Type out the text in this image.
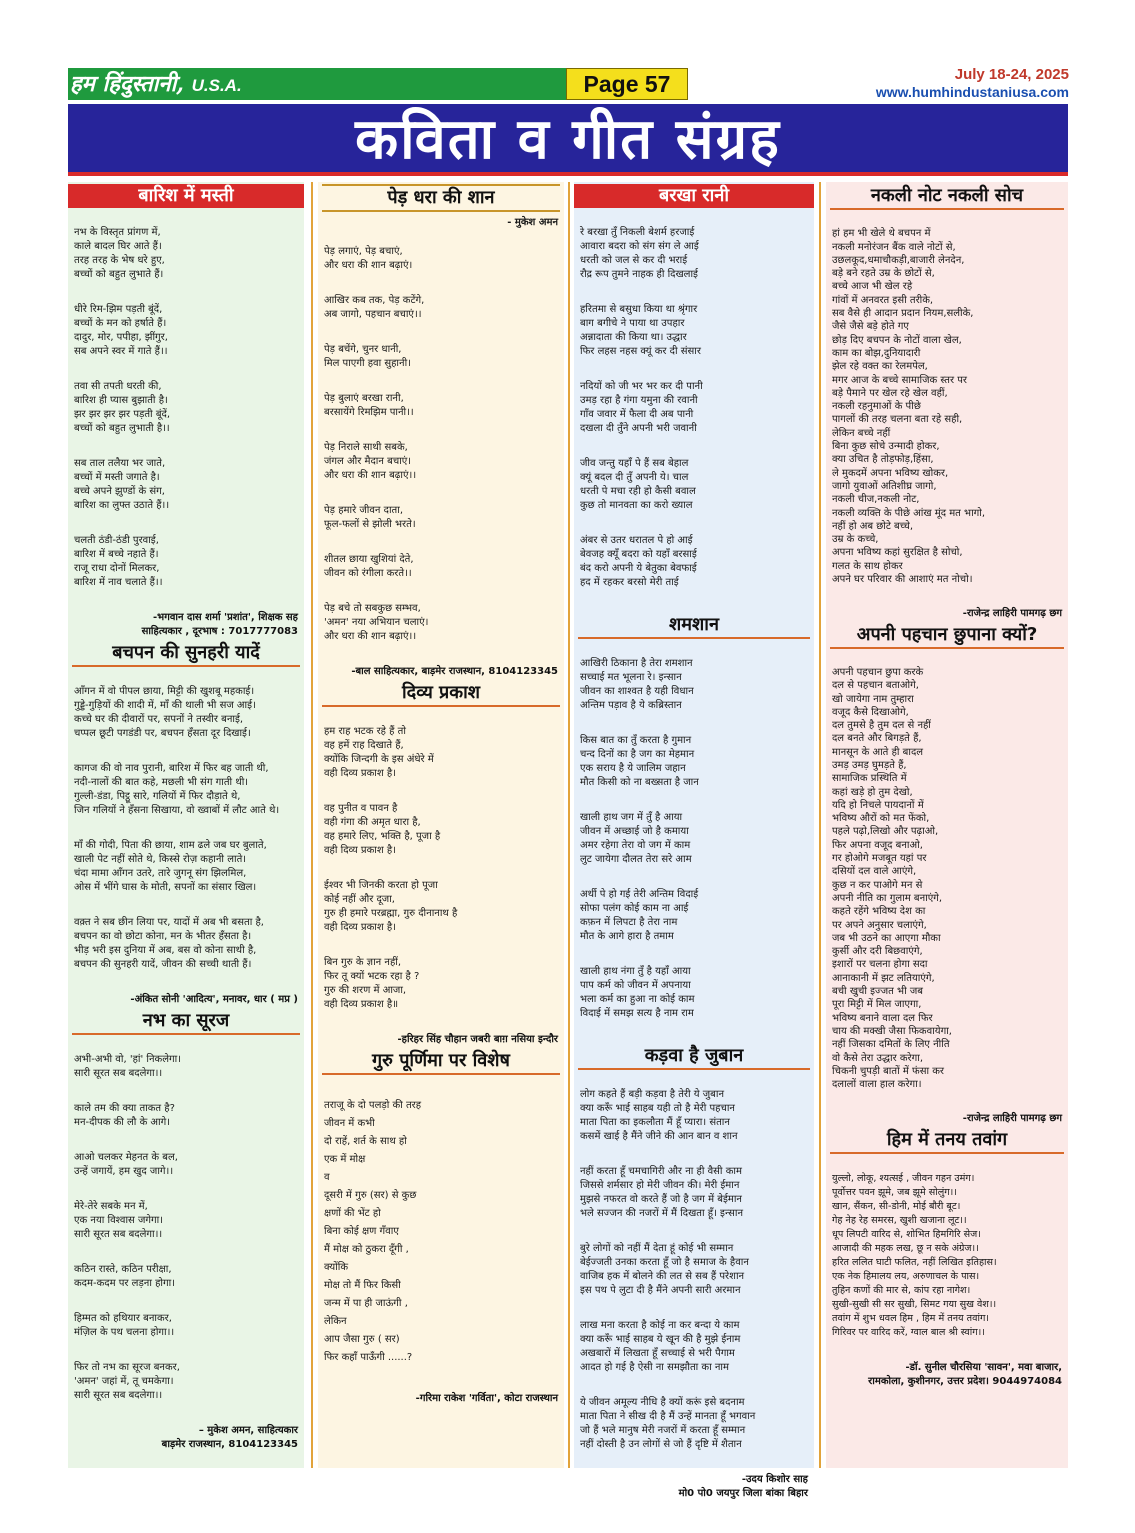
हम हिंदुस्तानी, U.S.A.	Page 57	July 18-24, 2025
www.humhindustaniusa.com
कविता व गीत संग्रह
बारिश में मस्ती

नभ के विस्तृत प्रांगण में,
काले बादल घिर आते हैं।
तरह तरह के भेष धरे हुए,
बच्चों को बहुत लुभाते हैं।

धीरे रिम-झिम पड़ती बूंदें,
बच्चों के मन को हर्षाते हैं।
दादुर, मोर, पपीहा, झींगुर,
सब अपने स्वर में गाते हैं।।

तवा सी तपती धरती की,
बारिश ही प्यास बुझाती है।
झर झर झर झर पड़ती बूंदें,
बच्चों को बहुत लुभाती है।।

सब ताल तलैया भर जाते,
बच्चों में मस्ती जगाते है।
बच्चे अपने झुण्डों के संग,
बारिश का लुफ्त उठाते हैं।।

चलती ठंडी-ठंडी पुरवाई,
बारिश में बच्चे नहाते हैं।
राजू राधा दोनों मिलकर,
बारिश में नाव चलाते हैं।।

-भगवान दास शर्मा 'प्रशांत', शिक्षक सह
साहित्यकार , दूरभाष : 7017777083
बचपन की सुनहरी यादें

आँगन में वो पीपल छाया, मिट्टी की खुशबू महकाई।
गुड्डे-गुड़ियों की शादी में, माँ की थाली भी सज आई।
कच्चे घर की दीवारों पर, सपनों ने तस्वीर बनाई,
चप्पल छूटी पगडंडी पर, बचपन हँसता दूर दिखाई।

कागज की वो नाव पुरानी, बारिश में फिर बह जाती थी,
नदी-नालों की बात कहे, मछली भी संग गाती थी।
गुल्ली-डंडा, पिट्ठू सारे, गलियों में फिर दौड़ाते थे,
जिन गलियों ने हँसना सिखाया, वो ख्वाबों में लौट आते थे।

माँ की गोदी, पिता की छाया, शाम ढले जब घर बुलाते,
खाली पेट नहीं सोते थे, किस्से रोज़ कहानी लाते।
चंदा मामा आँगन उतरे, तारे जुगनू संग झिलमिल,
ओस में भींगे घास के मोती, सपनों का संसार खिल।

वक़्त ने सब छीन लिया पर, यादों में अब भी बसता है,
बचपन का वो छोटा कोना, मन के भीतर हँसता है।
भीड़ भरी इस दुनिया में अब, बस वो कोना साथी है,
बचपन की सुनहरी यादें, जीवन की सच्ची थाती हैं।

-अंकित सोनी 'आदित्य', मनावर, धार ( मप्र )
नभ का सूरज

अभी-अभी वो, 'हां' निकलेगा।
सारी सूरत सब बदलेगा।।

काले तम की क्या ताकत है?
मन-दीपक की लौ के आगे।

आओ चलकर मेहनत के बल,
उन्हें जगायें, हम खुद जागे।।

मेरे-तेरे सबके मन में,
एक नया विश्वास जगेगा।
सारी सूरत सब बदलेगा।।

कठिन रास्ते, कठिन परीक्षा,
कदम-कदम पर लड़ना होगा।

हिम्मत को हथियार बनाकर,
मंज़िल के पथ चलना होगा।।

फिर तो नभ का सूरज बनकर,
'अमन' जहां में, तू चमकेगा।
सारी सूरत सब बदलेगा।।

– मुकेश अमन, साहित्यकार
बाड़मेर राजस्थान, 8104123345
पेड़ धरा की शान
- मुकेश अमन

पेड़ लगाएं, पेड़ बचाएं,
और धरा की शान बढ़ाएं।

आखिर कब तक, पेड़ कटेंगे,
अब जागो, पहचान बचाएं।।

पेड़ बचेंगे, चुनर धानी,
मिल पाएगी हवा सुहानी।

पेड़ बुलाएं बरखा रानी,
बरसायेंगे रिमझिम पानी।।

पेड़ निराले साथी सबके,
जंगल और मैदान बचाएं।
और धरा की शान बढ़ाएं।।

पेड़ हमारे जीवन दाता,
फूल-फलों से झोली भरते।

शीतल छाया खुशियां देते,
जीवन को रंगीला करते।।

पेड़ बचे तो सबकुछ सम्भव,
'अमन' नया अभियान चलाएं।
और धरा की शान बढ़ाएं।।

-बाल साहित्यकार, बाड़मेर राजस्थान, 8104123345
दिव्य प्रकाश

हम राह भटक रहे हैं तो
वह हमें राह दिखाते हैं,
क्योंकि जिन्दगी के इस अंधेरे में
वही दिव्य प्रकाश है।

वह पुनीत व पावन है
वही गंगा की अमृत धारा है,
वह हमारे लिए, भक्ति है, पूजा है
वही दिव्य प्रकाश है।

ईश्वर भी जिनकी करता हो पूजा
कोई नहीं और दूजा,
गुरु ही हमारे परब्रह्मा, गुरु दीनानाथ है
वही दिव्य प्रकाश है।

बिन गुरु के ज्ञान नहीं,
फिर तू क्यों भटक रहा है ?
गुरु की शरण में आजा,
वही दिव्य प्रकाश है॥

-हरिहर सिंह चौहान जबरी बाग़ नसिया इन्दौर
गुरु पूर्णिमा पर विशेष

तराजू के दो पलड़ो की तरह
जीवन में कभी
दो राहें, शर्त के साथ हो
एक में मोक्ष
व
दूसरी में गुरु (सर) से कुछ
क्षणों की भेंट हो
बिना कोई क्षण गँवाए
मैं मोक्ष को ठुकरा दूँगी ,
क्योंकि
मोक्ष तो मैं फिर किसी
जन्म में पा ही जाऊंगी ,
लेकिन
आप जैसा गुरु ( सर)
फिर कहाँ पाऊँगी ......?

-गरिमा राकेश 'गर्विता', कोटा राजस्थान
बरखा रानी

रे बरखा तुँ निकली बेशर्म हरजाई
आवारा बदरा को संग संग ले आई
धरती को जल से कर दी भराई
रौद्र रूप तुमने नाहक ही दिखलाई

हरितमा से बसुधा किया था श्रृंगार
बाग बगीचे ने पाया था उपहार
अन्नादाता की किया था। उद्धार
फिर लहस नहस क्यूं कर दी संसार

नदियों को जी भर भर कर दी पानी
उमड़ रहा है गंगा यमुना की रवानी
गाँव जवार में फैला दी अब पानी
दखला दी तुँने अपनी भरी जवानी

जीव जन्तु यहाँ पे हैं सब बेहाल
क्यूं बदल दी तुँ अपनी ये। चाल
धरती पे मचा रही हो कैसी बवाल
कुछ तो मानवता का करो ख्याल

अंबर से उतर धरातल पे हो आई
बेवजह क्यूँ बदरा को यहाँ बरसाई
बंद करो अपनी ये बेतुका बेवफाई
हद में रहकर बरसो मेरी ताई

शमशान

आखिरी ठिकाना है तेरा शमशान
सच्चाई मत भूलना रे। इन्सान
जीवन का शाश्वत है यही विधान
अन्तिम पड़ाव है ये कब्रिस्तान

किस बात का तुँ करता है गुमान
चन्द दिनों का है जग का मेहमान
एक सराय है ये जालिम जहान
मौत किसी को ना बख्सता है जान

खाली हाथ जग में तुँ है आया
जीवन में अच्छाई जो है कमाया
अमर रहेगा तेरा वो जग में काम
लुट जायेगा दौलत तेरा सरे आम

अर्थी पे हो गई तेरी अन्तिम विदाई
सोफा पलंग कोई काम ना आई
कफ़न में लिपटा है तेरा नाम
मौत के आगे हारा है तमाम

खाली हाथ नंगा तुँ है यहाँ आया
पाप कर्म को जीवन में अपनाया
भला कर्म का हुआ ना कोई काम
विदाई में समझ सत्य है नाम राम

कड़वा है जुबान

लोग कहते हैं बड़ी कड़वा है तेरी ये जुबान
क्या करूँ भाई साहब यही तो है मेरी पहचान
माता पिता का इकलौता मैं हूँ प्यारा। संतान
कसमें खाई है मैंने जीने की आन बान व शान

नहीं करता हूँ चमचागिरी और ना ही वैसी काम
जिससे शर्मसार हो मेरी जीवन की। मेरी ईमान
मुझसे नफरत वो करते हैं जो है जग में बेईमान
भले सज्जन की नजरों में मैं दिखता हूँ। इन्सान

बुरे लोगों को नहीं मैं देता हूं कोई भी सम्मान
बेईज्जती उनका करता हूँ जो है समाज के हैवान
वाजिब हक में बोलने की लत से सब हैं परेशान
इस पथ पे लुटा दी है मैंने अपनी सारी अरमान

लाख मना करता है कोई ना कर बन्दा ये काम
क्या करूँ भाई साहब ये खून की है मुझे ईनाम
अखबारों में लिखता हूँ सच्चाई से भरी पैगाम
आदत हो गई है ऐसी ना समझौता का नाम

ये जीवन अमूल्य नीधि है क्यों करूं इसे बदनाम
माता पिता ने सीख दी है मैं उन्हें मानता हूँ भगवान
जो हैं भले मानुष मेरी नजरों में करता हूँ सम्मान
नहीं दोस्ती है उन लोगों से जो हैं दृष्टि में शैतान

-उदय किशोर साह
मो0 पो0 जयपुर जिला बांका बिहार
नकली नोट नकली सोच

हां हम भी खेले थे बचपन में
नकली मनोरंजन बैंक वाले नोटों से,
उछलकूद,धमाचौकड़ी,बाजारी लेनदेन,
बड़े बने रहते उम्र के छोटों से,
बच्चे आज भी खेल रहे
गांवों में अनवरत इसी तरीके,
सब वैसे ही आदान प्रदान नियम,सलीके,
जैसे जैसे बड़े होते गए
छोड़ दिए बचपन के नोटों वाला खेल,
काम का बोझ,दुनियादारी
झेल रहे वक्त का रेलमपेल,
मगर आज के बच्चे सामाजिक स्तर पर
बड़े पैमाने पर खेल रहे खेल वहीं,
नकली रहनुमाओं के पीछे
पागलों की तरह चलना बता रहे सही,
लेकिन बच्चे नहीं
बिना कुछ सोचे उन्मादी होकर,
क्या उचित है तोड़फोड़,हिंसा,
ले मुकदमें अपना भविष्य खोकर,
जागो युवाओं अतिशीघ्र जागो,
नकली चीज,नकली नोट,
नकली व्यक्ति के पीछे आंख मूंद मत भागो,
नहीं हो अब छोटे बच्चे,
उम्र के कच्चे,
अपना भविष्य कहां सुरक्षित है सोचो,
गलत के साथ होकर
अपने घर परिवार की आशाएं मत नोचो।

-राजेन्द्र लाहिरी पामगढ़ छग
अपनी पहचान छुपाना क्यों?

अपनी पहचान छुपा करके
दल से पहचान बताओगे,
खो जायेगा नाम तुम्हारा
वजूद कैसे दिखाओगे,
दल तुमसे है तुम दल से नहीं
दल बनते और बिगड़ते हैं,
मानसून के आते ही बादल
उमड़ उमड़ घुमड़ते हैं,
सामाजिक प्रस्थिति में
कहां खड़े हो तुम देखो,
यदि हो निचले पायदानों में
भविष्य औरों को मत फेंको,
पहले पढ़ो,लिखो और पढ़ाओ,
फिर अपना वजूद बनाओ,
गर होओगे मजबूत यहां पर
दसियों दल वाले आएंगे,
कुछ न कर पाओगे मन से
अपनी नीति का गुलाम बनाएंगे,
कहते रहेंगे भविष्य देश का
पर अपने अनुसार चलाएंगे,
जब भी उठने का आएगा मौका
कुर्सी और दरी बिछवाएंगे,
इशारों पर चलना होगा सदा
आनाकानी में झट लतियाएंगे,
बची खुची इज्जत भी जब
पूरा मिट्टी में मिल जाएगा,
भविष्य बनाने वाला दल फिर
चाय की मक्खी जैसा फिकवायेगा,
नहीं जिसका दमितों के लिए नीति
वो कैसे तेरा उद्धार करेगा,
चिकनी चुपड़ी बातों में फंसा कर
दलालों वाला हाल करेगा।

-राजेन्द्र लाहिरी पामगढ़ छग
हिम में तनय तवांग

युल्लो, लोकू, श्यत्सई , जीवन गहन उमंग।
पूर्वोत्तर पवन झूमे, जब झूमे सोलुंग।।
खान, सैंकन, सी-डोनी, मोई बौरी बूट।
गेह नेह रेह समरस, खुशी खजाना लूट।।
धूप लिपटी वारिद से, शोभित हिमगिरि सेज।
आजादी की महक लख, छू न सके अंग्रेज।।
हरित ललित घाटी फलित, नहीं लिखित इतिहास।
एक नेक हिमालय लय, अरुणाचल के पास।
तुहिन कणों की मार से, कांप रहा नागेश।
सुखी-सुखी सी सर सुखी, सिमट गया सुख वेश।।
तवांग में शुभ धवल हिम , हिम में तनय तवांग।
गिरिवर पर वारिद करें, ग्वाल बाल श्री स्वांग।।

-डॉ. सुनील चौरसिया 'सावन', मवा बाजार,
रामकोला, कुशीनगर, उत्तर प्रदेश। 9044974084
